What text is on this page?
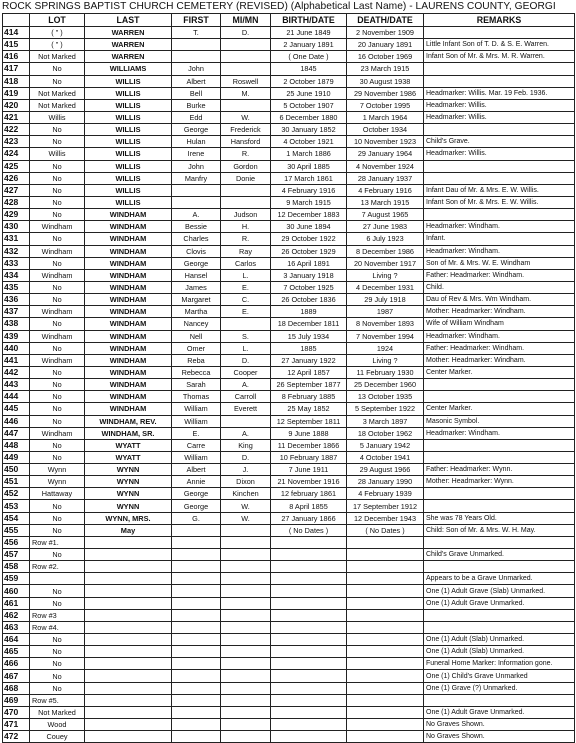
ROCK SPRINGS BAPTIST CHURCH CEMETERY (REVISED) (Alphabetical Last Name) - LAURENS COUNTY, GEORGI
	LOT	LAST	FIRST	MI/MN	BIRTH/DATE	DEATH/DATE	REMARKS
414	( " )	WARREN	T.	D.	21 June 1849	2 November 1909	
415	( " )	WARREN			2 January 1891	20 January 1891	Little Infant Son of T. D. & S. E. Warren.
416	Not Marked	WARREN			( One Date )	16 October 1969	Infant Son of Mr. & Mrs. M. R. Warren.
417	No	WILLIAMS	John		1845	23 March 1915	
418	No	WILLIS	Albert	Roswell	2 October 1879	30 August 1938	
419	Not Marked	WILLIS	Bell	M.	25 June 1910	29 November 1986	Headmarker: Willis. Mar. 19 Feb. 1936.
420	Not Marked	WILLIS	Burke		5 October 1907	7 October 1995	Headmarker: Willis.
421	Willis	WILLIS	Edd	W.	6 December 1880	1 March 1964	Headmarker: Willis.
422	No	WILLIS	George	Frederick	30 January 1852	October 1934	
423	No	WILLIS	Hulan	Hansford	4 October 1921	10 November 1923	Child's Grave.
424	Willis	WILLIS	Irene	R.	1 March 1886	29 January 1964	Headmarker: Willis.
425	No	WILLIS	John	Gordon	30 April 1885	4 November 1924	
426	No	WILLIS	Manfry	Donie	17 March 1861	28 January 1937	
427	No	WILLIS			4 February 1916	4 February 1916	Infant Dau of Mr. & Mrs. E. W. Willis.
428	No	WILLIS			9 March 1915	13 March 1915	Infant Son of Mr. & Mrs. E. W. Willis.
429	No	WINDHAM	A.	Judson	12 December 1883	7 August 1965	
430	Windham	WINDHAM	Bessie	H.	30 June 1894	27 June 1983	Headmarker: Windham.
431	No	WINDHAM	Charles	R.	29 October 1922	6 July 1923	Infant.
432	Windham	WINDHAM	Clovis	Ray	26 October 1929	8 December 1986	Headmarker: Windham.
433	No	WINDHAM	George	Carlos	16 April 1891	20 November 1917	Son of Mr. & Mrs. W. E. Windham
434	Windham	WINDHAM	Hansel	L.	3 January 1918	Living ?	Father: Headmarker: Windham.
435	No	WINDHAM	James	E.	7 October 1925	4 December 1931	Child.
436	No	WINDHAM	Margaret	C.	26 October 1836	29 July 1918	Dau of Rev & Mrs. Wm Windham.
437	Windham	WINDHAM	Martha	E.	1889	1987	Mother: Headmarker: Windham.
438	No	WINDHAM	Nancey		18 December 1811	8 November 1893	Wife of William Windham
439	Windham	WINDHAM	Nell	S.	15 July 1934	7 November 1994	Headmarker: Windham.
440	No	WINDHAM	Omer	L.	1885	1924	Father: Headmarker: Windham.
441	Windham	WINDHAM	Reba	D.	27 January 1922	Living ?	Mother: Headmarker: Windham.
442	No	WINDHAM	Rebecca	Cooper	12 April 1857	11 February 1930	Center Marker.
443	No	WINDHAM	Sarah	A.	26 September 1877	25 December 1960	
444	No	WINDHAM	Thomas	Carroll	8 February 1885	13 October 1935	
445	No	WINDHAM	William	Everett	25 May 1852	5 September 1922	Center Marker.
446	No	WINDHAM, REV.	William		12 September 1811	3 March 1897	Masonic Symbol.
447	Windham	WINDHAM, SR.	E.	A.	9 June 1888	18 October 1962	Headmarker: Windham.
448	No	WYATT	Carre	King	11 December 1866	5 January 1942	
449	No	WYATT	William	D.	10 February 1887	4 October 1941	
450	Wynn	WYNN	Albert	J.	7 June 1911	29 August 1966	Father: Headmarker: Wynn.
451	Wynn	WYNN	Annie	Dixon	21 November 1916	28 January 1990	Mother: Headmarker: Wynn.
452	Hattaway	WYNN	George	Kinchen	12 february 1861	4 February 1939	
453	No	WYNN	George	W.	8 April 1855	17 September 1912	
454	No	WYNN, MRS.	G.	W.	27 January 1866	12 December 1943	She was 78 Years Old.
455	No	May			( No Dates )	( No Dates )	Child: Son of Mr. & Mrs. W. H. May.
456	Row #1.						
457	No						Child's Grave Unmarked.
458	Row #2.						
459							Appears to be a Grave Unmarked.
460	No						One (1) Adult Grave (Slab) Unmarked.
461	No						One (1) Adult Grave Unmarked.
462	Row #3						
463	Row #4.						
464	No						One (1) Adult (Slab) Unmarked.
465	No						One (1) Adult (Slab) Unmarked.
466	No						Funeral Home Marker: Information gone.
467	No						One (1) Child's Grave Unmarked
468	No						One (1) Grave (?) Unmarked.
469	Row #5.						
470	Not Marked						One (1) Adult Grave Unmarked.
471	Wood						No Graves Shown.
472	Couey						No Graves Shown.
